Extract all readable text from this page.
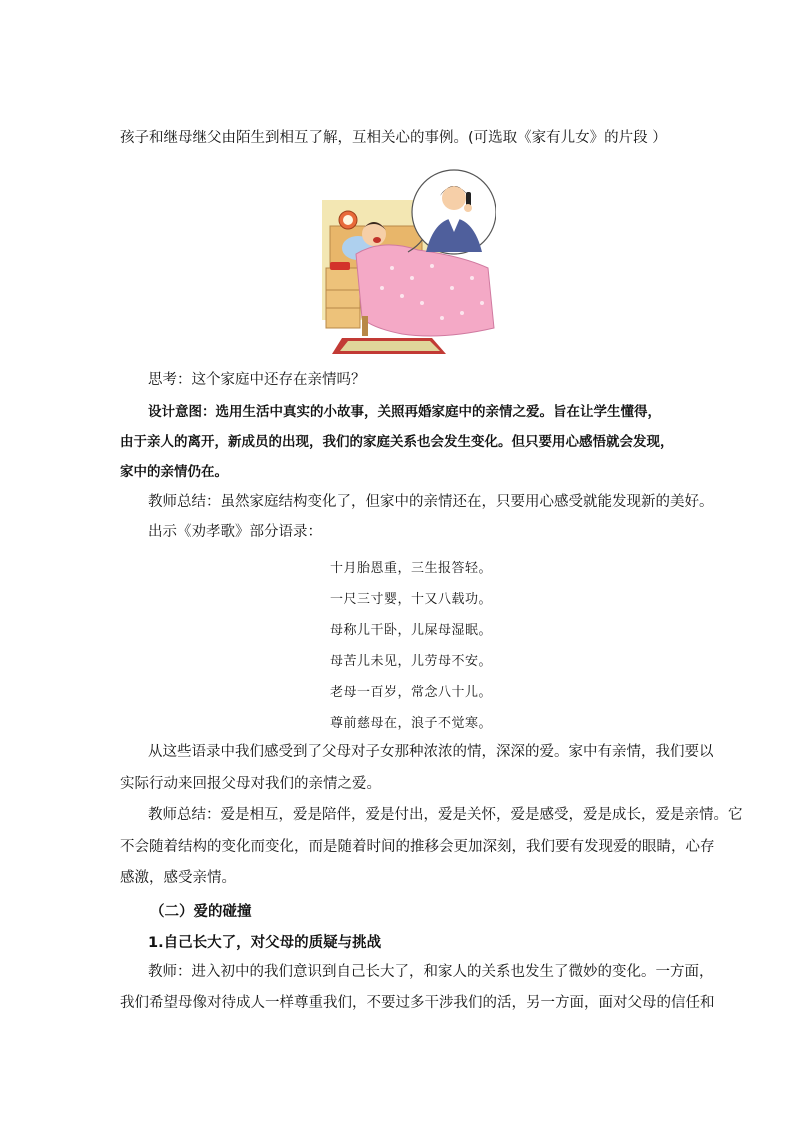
孩子和继母继父由陌生到相互了解，互相关心的事例。(可选取《家有儿女》的片段 ）
思考：这个家庭中还存在亲情吗？
设计意图：选用生活中真实的小故事，关照再婚家庭中的亲情之爱。旨在让学生懂得，
由于亲人的离开，新成员的出现，我们的家庭关系也会发生变化。但只要用心感悟就会发现，
家中的亲情仍在。
教师总结：虽然家庭结构变化了，但家中的亲情还在，只要用心感受就能发现新的美好。
出示《劝孝歌》部分语录：
十月胎恩重，三生报答轻。
一尺三寸婴，十又八载功。
母称儿干卧，儿屎母湿眠。
母苦儿未见，儿劳母不安。
老母一百岁，常念八十儿。
尊前慈母在，浪子不觉寒。
从这些语录中我们感受到了父母对子女那种浓浓的情，深深的爱。家中有亲情，我们要以
实际行动来回报父母对我们的亲情之爱。
教师总结：爱是相互，爱是陪伴，爱是付出，爱是关怀，爱是感受，爱是成长，爱是亲情。它
不会随着结构的变化而变化，而是随着时间的推移会更加深刻，我们要有发现爱的眼睛，心存
感激，感受亲情。
（二）爱的碰撞
1.自己长大了，对父母的质疑与挑战
教师：进入初中的我们意识到自己长大了，和家人的关系也发生了微妙的变化。一方面，
我们希望母像对待成人一样尊重我们，不要过多干涉我们的活，另一方面，面对父母的信任和
